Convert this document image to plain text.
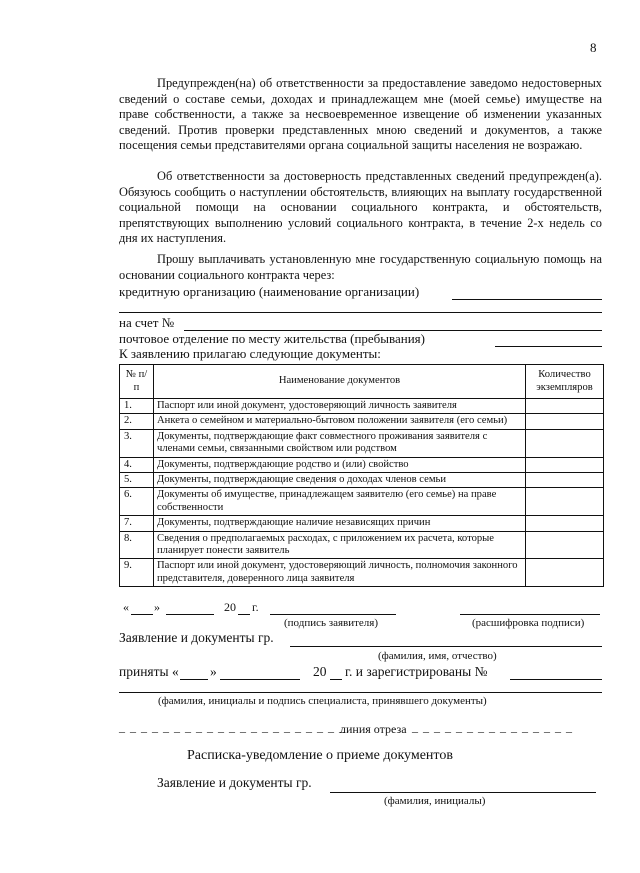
8

Предупрежден(на) об ответственности за предоставление заведомо недостоверных сведений о составе семьи, доходах и принадлежащем мне (моей семье) имуществе на праве собственности, а также за несвоевременное извещение об изменении указанных сведений. Против проверки представленных мною сведений и документов, а также посещения семьи представителями органа социальной защиты населения не возражаю.

Об ответственности за достоверность представленных сведений предупрежден(а). Обязуюсь сообщить о наступлении обстоятельств, влияющих на выплату государственной социальной помощи на основании социального контракта, и обстоятельств, препятствующих выполнению условий социального контракта, в течение 2-х недель со дня их наступления.

Прошу выплачивать установленную мне государственную социальную помощь на основании социального контракта через:

кредитную организацию (наименование организации)
на счет №
почтовое отделение по месту жительства (пребывания)
К заявлению прилагаю следующие документы:
№ п/п	Наименование документов	Количество экземпляров
1.	Паспорт или иной документ, удостоверяющий личность заявителя	
2.	Анкета о семейном и материально-бытовом положении заявителя (его семьи)	
3.	Документы, подтверждающие факт совместного проживания заявителя с членами семьи, связанными свойством или родством	
4.	Документы, подтверждающие родство и (или) свойство	
5.	Документы, подтверждающие сведения о доходах членов семьи	
6.	Документы об имуществе, принадлежащем заявителю (его семье) на праве собственности	
7.	Документы, подтверждающие наличие независящих причин	
8.	Сведения о предполагаемых расходах, с приложением их расчета, которые планирует понести заявитель	
9.	Паспорт или иной документ, удостоверяющий личность, полномочия законного представителя, доверенного лица заявителя	
« »	20 г.
(подпись заявителя)	(расшифровка подписи)
Заявление и документы гр.
(фамилия, имя, отчество)
приняты « »	20 г. и зарегистрированы №
(фамилия, инициалы и подпись специалиста, принявшего документы)
_ _ _ _ _ _ _ _ _ _ _ _ _ _ _ _ _ _ _ _ _
линия отреза _ _ _ _ _ _ _ _ _ _ _ _ _ _ _
Расписка-уведомление о приеме документов
Заявление и документы гр.
(фамилия, инициалы)
